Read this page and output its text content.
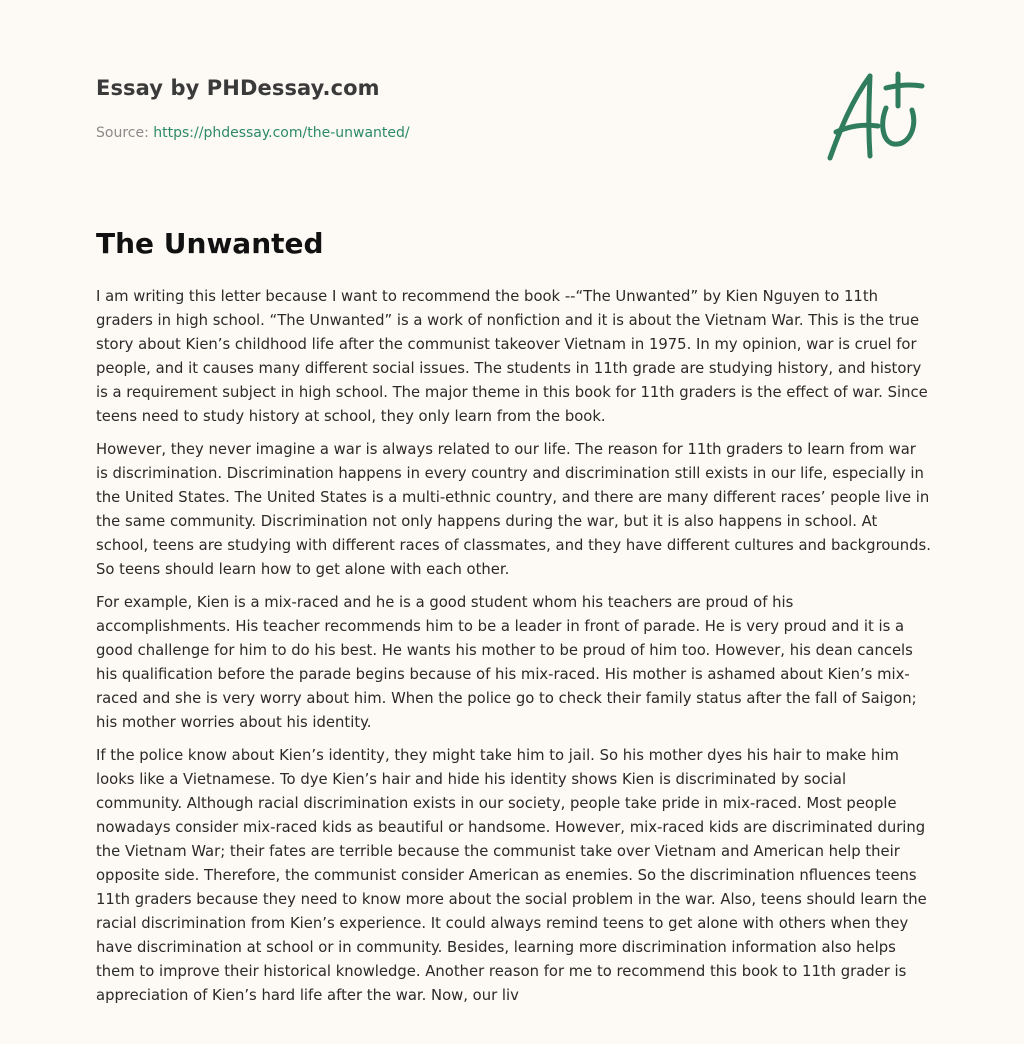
Essay by PHDessay.com
Source: https://phdessay.com/the-unwanted/
The Unwanted

I am writing this letter because I want to recommend the book --“The Unwanted” by Kien Nguyen to 11th graders in high school. “The Unwanted” is a work of nonfiction and it is about the Vietnam War. This is the true story about Kien’s childhood life after the communist takeover Vietnam in 1975. In my opinion, war is cruel for people, and it causes many different social issues. The students in 11th grade are studying history, and history is a requirement subject in high school. The major theme in this book for 11th graders is the effect of war. Since teens need to study history at school, they only learn from the book.

However, they never imagine a war is always related to our life. The reason for 11th graders to learn from war is discrimination. Discrimination happens in every country and discrimination still exists in our life, especially in the United States. The United States is a multi-ethnic country, and there are many different races’ people live in the same community. Discrimination not only happens during the war, but it is also happens in school. At school, teens are studying with different races of classmates, and they have different cultures and backgrounds. So teens should learn how to get alone with each other.

For example, Kien is a mix-raced and he is a good student whom his teachers are proud of his accomplishments. His teacher recommends him to be a leader in front of parade. He is very proud and it is a good challenge for him to do his best. He wants his mother to be proud of him too. However, his dean cancels his qualification before the parade begins because of his mix-raced. His mother is ashamed about Kien’s mix-raced and she is very worry about him. When the police go to check their family status after the fall of Saigon; his mother worries about his identity.

If the police know about Kien’s identity, they might take him to jail. So his mother dyes his hair to make him looks like a Vietnamese. To dye Kien’s hair and hide his identity shows Kien is discriminated by social community. Although racial discrimination exists in our society, people take pride in mix-raced. Most people nowadays consider mix-raced kids as beautiful or handsome. However, mix-raced kids are discriminated during the Vietnam War; their fates are terrible because the communist take over Vietnam and American help their opposite side. Therefore, the communist consider American as enemies. So the discrimination nfluences teens 11th graders because they need to know more about the social problem in the war. Also, teens should learn the racial discrimination from Kien’s experience. It could always remind teens to get alone with others when they have discrimination at school or in community. Besides, learning more discrimination information also helps them to improve their historical knowledge. Another reason for me to recommend this book to 11th grader is appreciation of Kien’s hard life after the war. Now, our liv
